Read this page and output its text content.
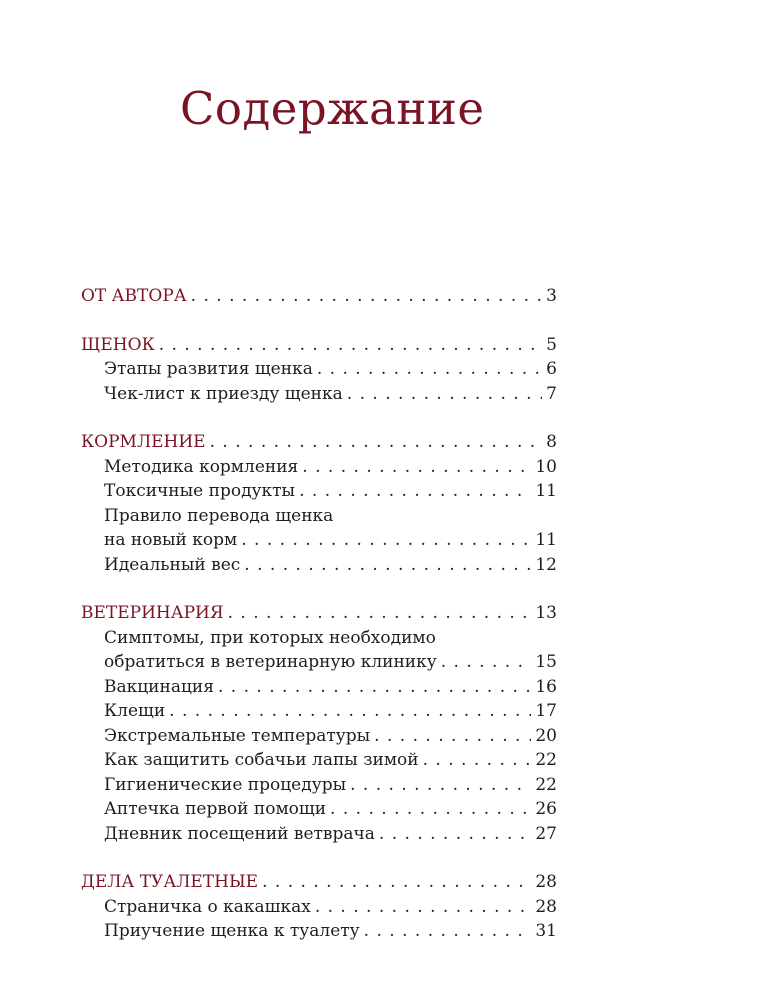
Содержание
ОТ АВТОРА . . .	3
ЩЕНОК . . .	5
Этапы развития щенка . . .	6
Чек-лист к приезду щенка . . .	7
КОРМЛЕНИЕ . . .	8
Методика кормления . . .	10
Токсичные продукты . . .	11
Правило перевода щенка
на новый корм . . .	11
Идеальный вес . . .	12
ВЕТЕРИНАРИЯ . . .	13
Симптомы, при которых необходимо
обратиться в ветеринарную клинику . . .	15
Вакцинация . . .	16
Клещи . . .	17
Экстремальные температуры . . .	20
Как защитить собачьи лапы зимой . . .	22
Гигиенические процедуры . . .	22
Аптечка первой помощи . . .	26
Дневник посещений ветврача . . .	27
ДЕЛА ТУАЛЕТНЫЕ . . .	28
Страничка о какашках . . .	28
Приучение щенка к туалету . . .	31
